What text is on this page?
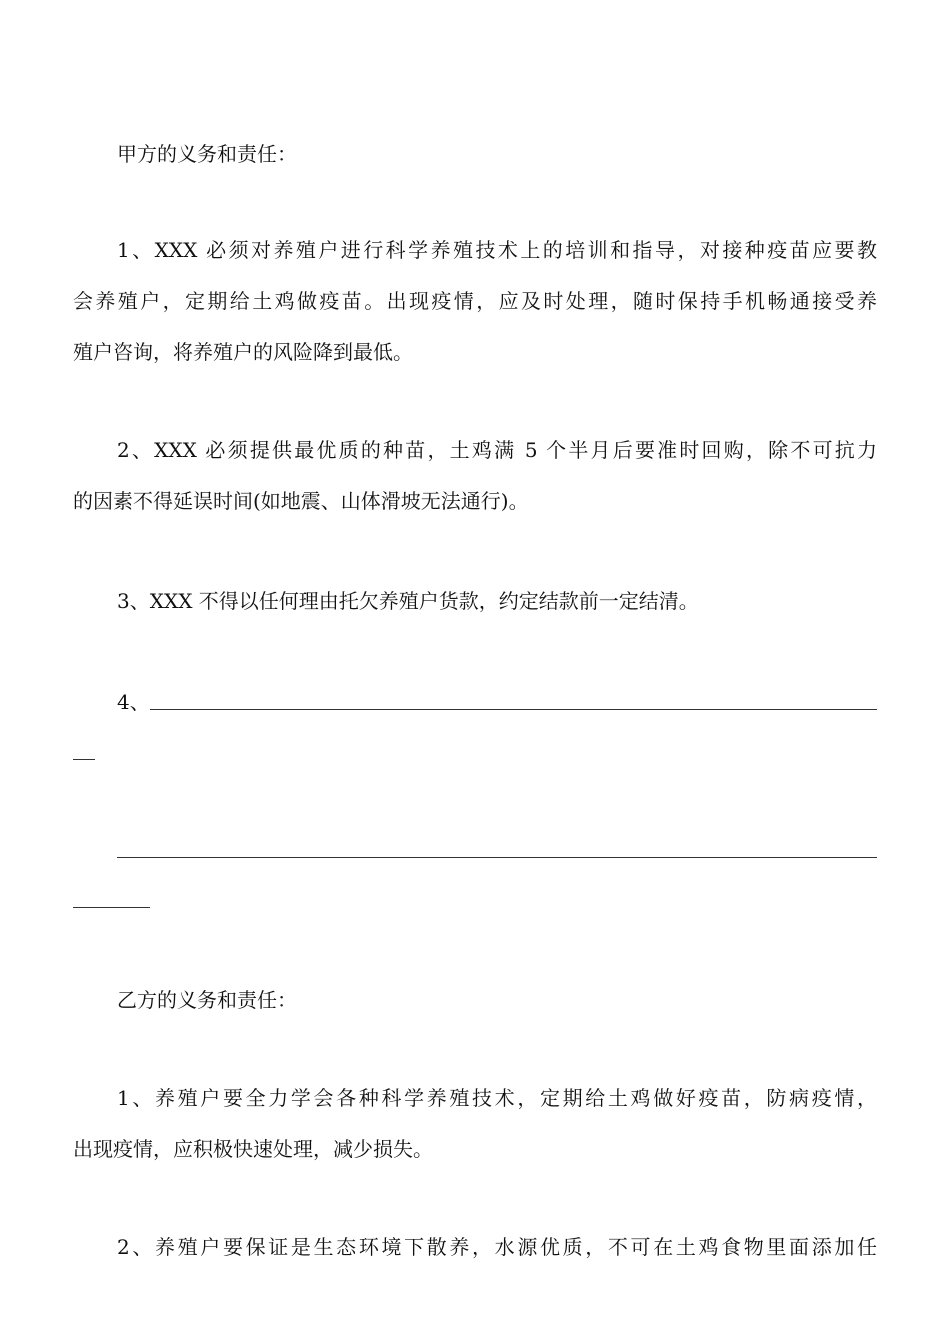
甲方的义务和责任：
1、XXX 必须对养殖户进行科学养殖技术上的培训和指导，对接种疫苗应要教
会养殖户，定期给土鸡做疫苗。出现疫情，应及时处理，随时保持手机畅通接受养
殖户咨询，将养殖户的风险降到最低。
2、XXX 必须提供最优质的种苗，土鸡满 5 个半月后要准时回购，除不可抗力
的因素不得延误时间(如地震、山体滑坡无法通行)。
3、XXX 不得以任何理由托欠养殖户货款，约定结款前一定结清。
4、
乙方的义务和责任：
1、养殖户要全力学会各种科学养殖技术，定期给土鸡做好疫苗，防病疫情，
出现疫情，应积极快速处理，减少损失。
2、养殖户要保证是生态环境下散养，水源优质，不可在土鸡食物里面添加任
